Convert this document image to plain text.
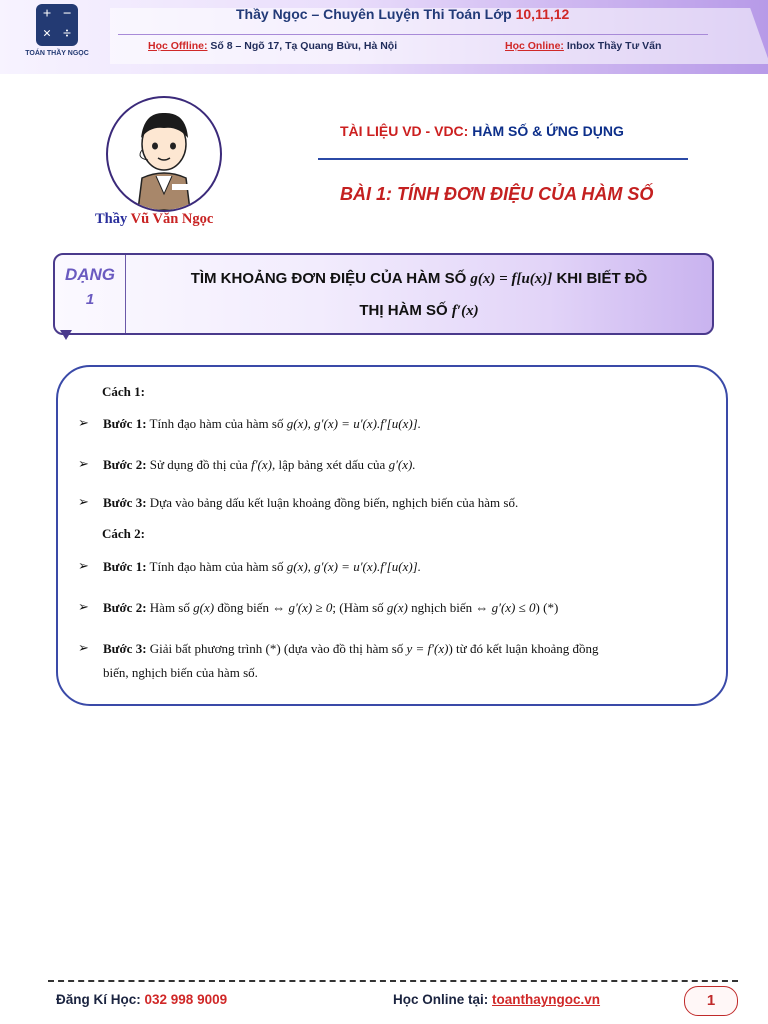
+ −
× ÷
TOÁN THẦY NGỌC
Thầy Ngọc – Chuyên Luyện Thi Toán Lớp 10,11,12
Học Offline: Số 8 – Ngõ 17, Tạ Quang Bửu, Hà Nội	Học Online: Inbox Thầy Tư Vấn
Thầy Vũ Văn Ngọc
TÀI LIỆU VD - VDC: HÀM SỐ & ỨNG DỤNG
BÀI 1: TÍNH ĐƠN ĐIỆU CỦA HÀM SỐ
DẠNG
1
TÌM KHOẢNG ĐƠN ĐIỆU CỦA HÀM SỐ g(x) = f[u(x)] KHI BIẾT ĐỒ
THỊ HÀM SỐ f′(x)
Cách 1:
➢ Bước 1: Tính đạo hàm của hàm số g(x), g′(x) = u′(x).f′[u(x)].
➢ Bước 2: Sử dụng đồ thị của f′(x), lập bảng xét dấu của g′(x).
➢ Bước 3: Dựa vào bảng dấu kết luận khoảng đồng biến, nghịch biến của hàm số.
Cách 2:
➢ Bước 1: Tính đạo hàm của hàm số g(x), g′(x) = u′(x).f′[u(x)].
➢ Bước 2: Hàm số g(x) đồng biến ⇔ g′(x) ≥ 0; (Hàm số g(x) nghịch biến ⇔ g′(x) ≤ 0) (*)
➢ Bước 3: Giải bất phương trình (*) (dựa vào đồ thị hàm số y = f′(x)) từ đó kết luận khoảng đồng
biến, nghịch biến của hàm số.
Đăng Kí Học: 032 998 9009	Học Online tại: toanthayngoc.vn	1
